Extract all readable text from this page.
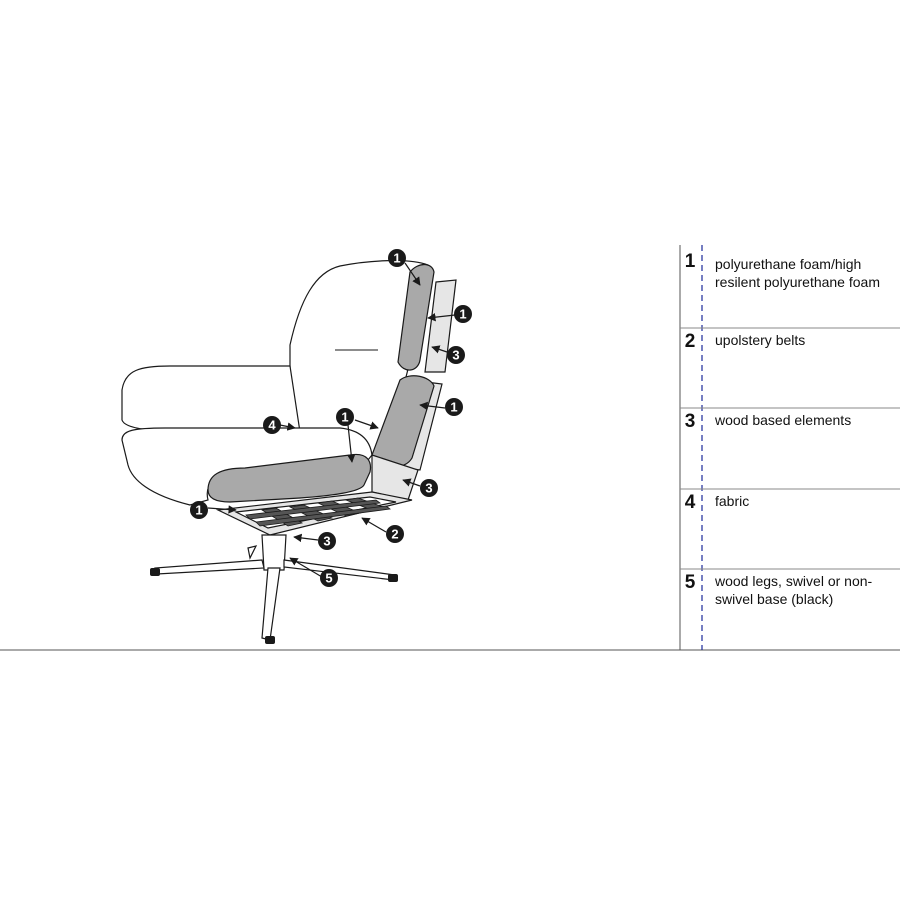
1
1
3
1
1
4
3
1
2
3
5
1	polyurethane foam/high resilent polyurethane foam
2	upolstery belts
3	wood based elements
4	fabric
5	wood legs, swivel or non-swivel base (black)
